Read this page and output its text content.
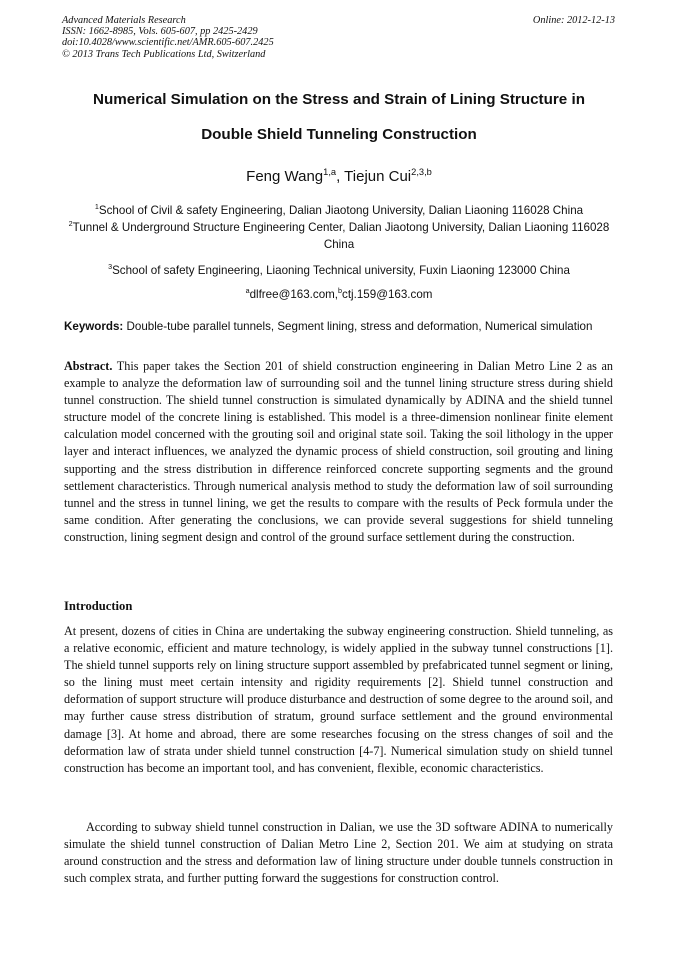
Advanced Materials Research
ISSN: 1662-8985, Vols. 605-607, pp 2425-2429
doi:10.4028/www.scientific.net/AMR.605-607.2425
© 2013 Trans Tech Publications Ltd, Switzerland
Online: 2012-12-13
Numerical Simulation on the Stress and Strain of Lining Structure in
Double Shield Tunneling Construction
Feng Wang$^{1,a}$, Tiejun Cui$^{2,3,b}$
$^1$School of Civil & safety Engineering, Dalian Jiaotong University, Dalian Liaoning 116028 China
$^2$Tunnel & Underground Structure Engineering Center, Dalian Jiaotong University, Dalian Liaoning 116028 China
$^3$School of safety Engineering, Liaoning Technical university, Fuxin Liaoning 123000 China
$^a$dlfree@163.com,$^b$ctj.159@163.com
Keywords: Double-tube parallel tunnels, Segment lining, stress and deformation, Numerical simulation
Abstract. This paper takes the Section 201 of shield construction engineering in Dalian Metro Line 2 as an example to analyze the deformation law of surrounding soil and the tunnel lining structure stress during shield tunnel construction. The shield tunnel construction is simulated dynamically by ADINA and the shield tunnel structure model of the concrete lining is established. This model is a three-dimension nonlinear finite element calculation model concerned with the grouting soil and original state soil. Taking the soil lithology in the upper layer and interact influences, we analyzed the dynamic process of shield construction, soil grouting and lining supporting and the stress distribution in difference reinforced concrete supporting segments and the ground settlement characteristics. Through numerical analysis method to study the deformation law of soil surrounding tunnel and the stress in tunnel lining, we get the results to compare with the results of Peck formula under the same condition. After generating the conclusions, we can provide several suggestions for shield tunneling construction, lining segment design and control of the ground surface settlement during the construction.
Introduction
At present, dozens of cities in China are undertaking the subway engineering construction. Shield tunneling, as a relative economic, efficient and mature technology, is widely applied in the subway tunnel constructions [1]. The shield tunnel supports rely on lining structure support assembled by prefabricated tunnel segment or lining, so the lining must meet certain intensity and rigidity requirements [2]. Shield tunnel construction and deformation of support structure will produce disturbance and destruction of some degree to the around soil, and may further cause stress distribution of stratum, ground surface settlement and the ground environmental damage [3]. At home and abroad, there are some researches focusing on the stress changes of soil and the deformation law of strata under shield tunnel construction [4-7]. Numerical simulation study on shield tunnel construction has become an important tool, and has convenient, flexible, economic characteristics.
According to subway shield tunnel construction in Dalian, we use the 3D software ADINA to numerically simulate the shield tunnel construction of Dalian Metro Line 2, Section 201. We aim at studying on strata around construction and the stress and deformation law of lining structure under double tunnels construction in such complex strata, and further putting forward the suggestions for construction control.
